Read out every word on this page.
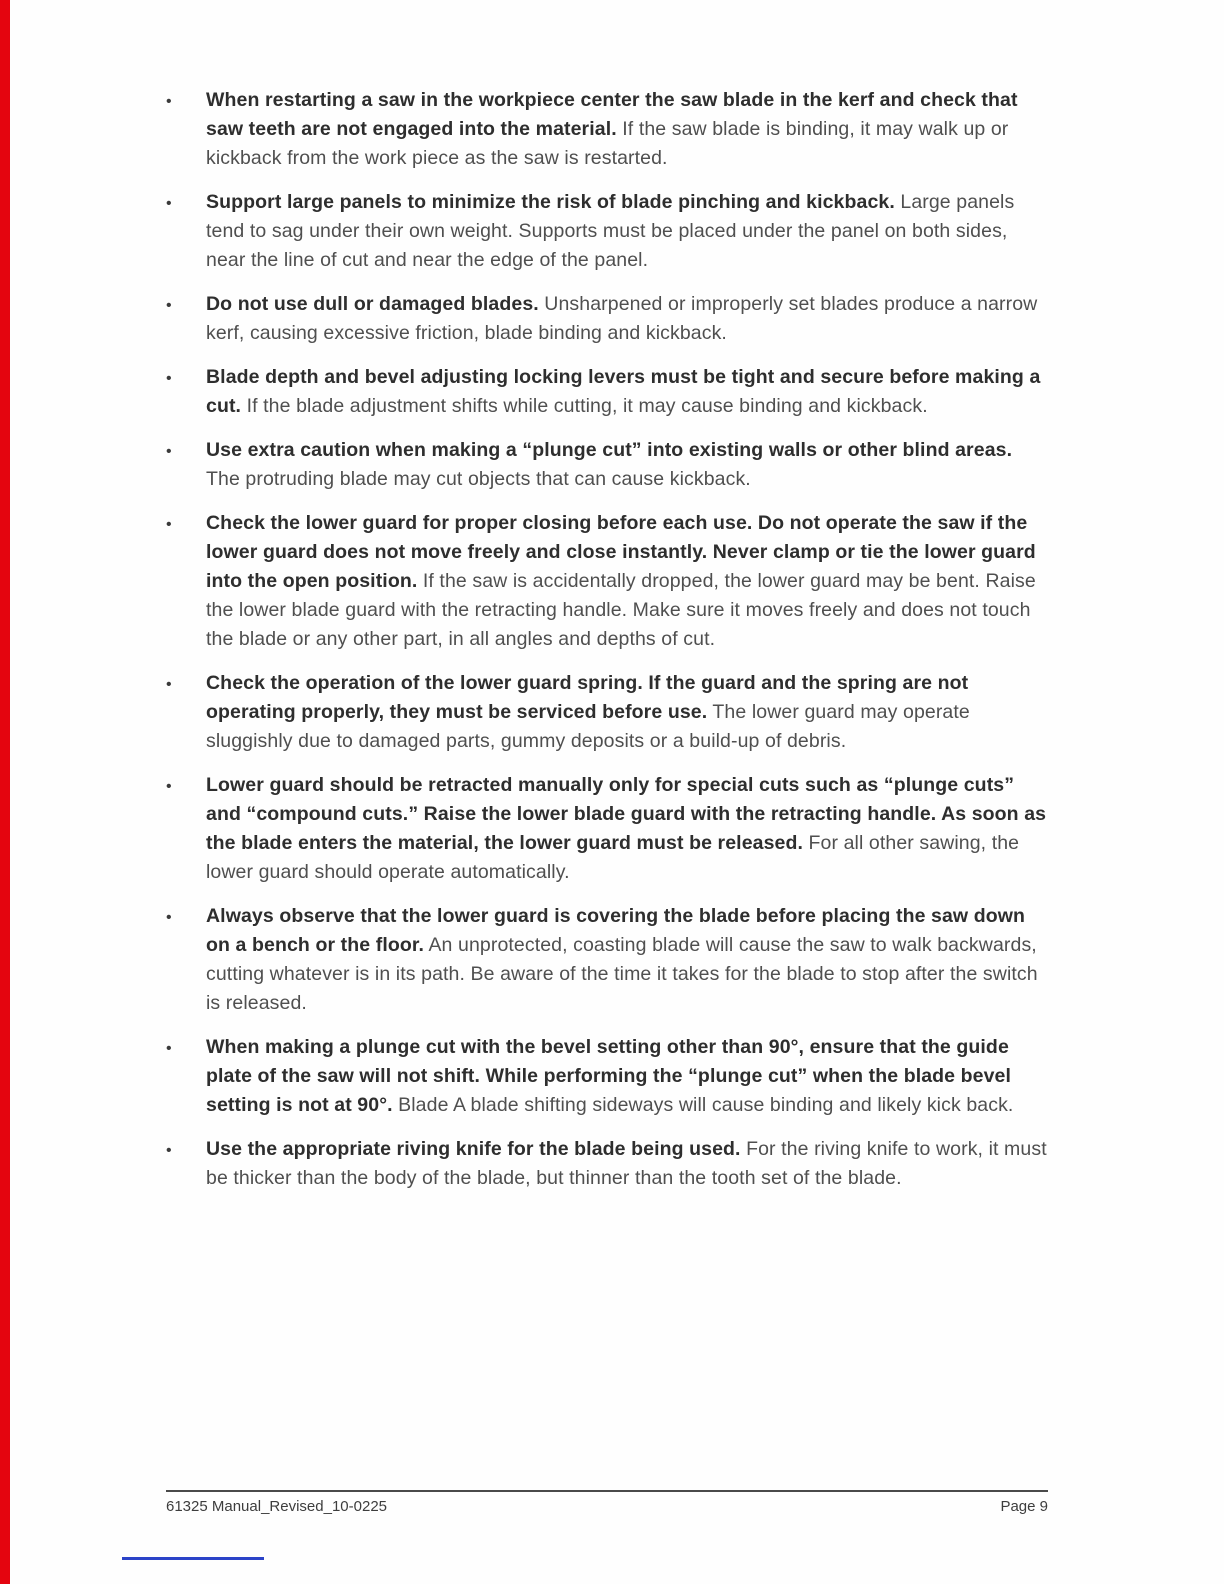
•	When restarting a saw in the workpiece center the saw blade in the kerf and check that saw teeth are not engaged into the material. If the saw blade is binding, it may walk up or kickback from the work piece as the saw is restarted.

•	Support large panels to minimize the risk of blade pinching and kickback. Large panels tend to sag under their own weight. Supports must be placed under the panel on both sides, near the line of cut and near the edge of the panel.

•	Do not use dull or damaged blades. Unsharpened or improperly set blades produce a narrow kerf, causing excessive friction, blade binding and kickback.

•	Blade depth and bevel adjusting locking levers must be tight and secure before making a cut. If the blade adjustment shifts while cutting, it may cause binding and kickback.

•	Use extra caution when making a “plunge cut” into existing walls or other blind areas. The protruding blade may cut objects that can cause kickback.

•	Check the lower guard for proper closing before each use. Do not operate the saw if the lower guard does not move freely and close instantly. Never clamp or tie the lower guard into the open position. If the saw is accidentally dropped, the lower guard may be bent. Raise the lower blade guard with the retracting handle. Make sure it moves freely and does not touch the blade or any other part, in all angles and depths of cut.

•	Check the operation of the lower guard spring. If the guard and the spring are not operating properly, they must be serviced before use. The lower guard may operate sluggishly due to damaged parts, gummy deposits or a build-up of debris.

•	Lower guard should be retracted manually only for special cuts such as “plunge cuts” and “compound cuts.” Raise the lower blade guard with the retracting handle. As soon as the blade enters the material, the lower guard must be released. For all other sawing, the lower guard should operate automatically.

•	Always observe that the lower guard is covering the blade before placing the saw down on a bench or the floor. An unprotected, coasting blade will cause the saw to walk backwards, cutting whatever is in its path. Be aware of the time it takes for the blade to stop after the switch is released.

•	When making a plunge cut with the bevel setting other than 90°, ensure that the guide plate of the saw will not shift. While performing the “plunge cut” when the blade bevel setting is not at 90°. Blade A blade shifting sideways will cause binding and likely kick back.

•	Use the appropriate riving knife for the blade being used. For the riving knife to work, it must be thicker than the body of the blade, but thinner than the tooth set of the blade.

61325 Manual_Revised_10-0225	Page 9
